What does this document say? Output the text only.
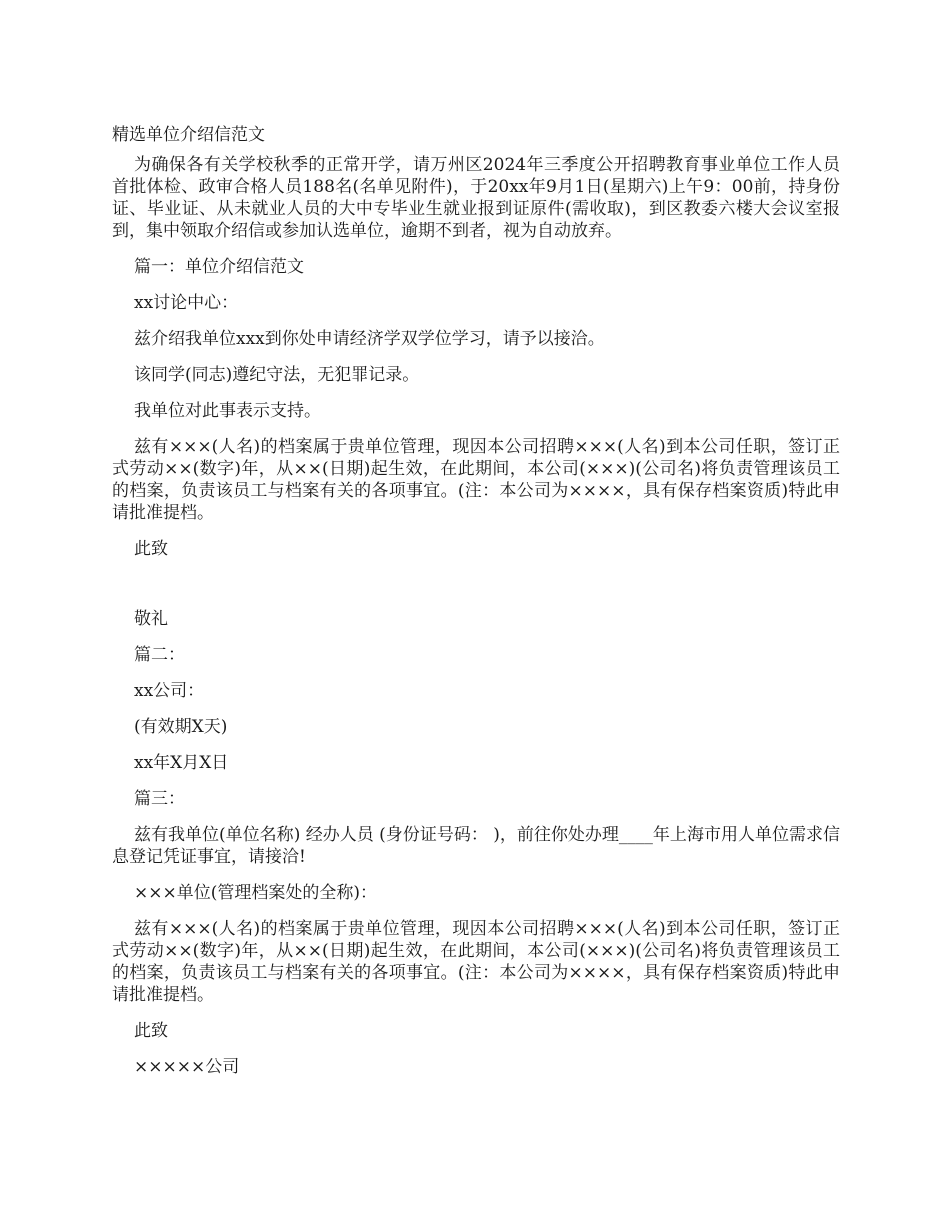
精选单位介绍信范文

为确保各有关学校秋季的正常开学，请万州区2024年三季度公开招聘教育事业单位工作人员首批体检、政审合格人员188名(名单见附件)，于20xx年9月1日(星期六)上午9：00前，持身份证、毕业证、从未就业人员的大中专毕业生就业报到证原件(需收取)，到区教委六楼大会议室报到，集中领取介绍信或参加认选单位，逾期不到者，视为自动放弃。

篇一：单位介绍信范文

xx讨论中心：

兹介绍我单位xxx到你处申请经济学双学位学习，请予以接洽。

该同学(同志)遵纪守法，无犯罪记录。

我单位对此事表示支持。

兹有×××(人名)的档案属于贵单位管理，现因本公司招聘×××(人名)到本公司任职，签订正式劳动××(数字)年，从××(日期)起生效，在此期间，本公司(×××)(公司名)将负责管理该员工的档案，负责该员工与档案有关的各项事宜。(注：本公司为××××，具有保存档案资质)特此申请批准提档。

此致

敬礼

篇二：

xx公司：

(有效期X天)

xx年X月X日

篇三：

兹有我单位(单位名称) 经办人员 (身份证号码： )，前往你处办理____年上海市用人单位需求信息登记凭证事宜，请接洽!

×××单位(管理档案处的全称)：

兹有×××(人名)的档案属于贵单位管理，现因本公司招聘×××(人名)到本公司任职，签订正式劳动××(数字)年，从××(日期)起生效，在此期间，本公司(×××)(公司名)将负责管理该员工的档案，负责该员工与档案有关的各项事宜。(注：本公司为××××，具有保存档案资质)特此申请批准提档。

此致

×××××公司
